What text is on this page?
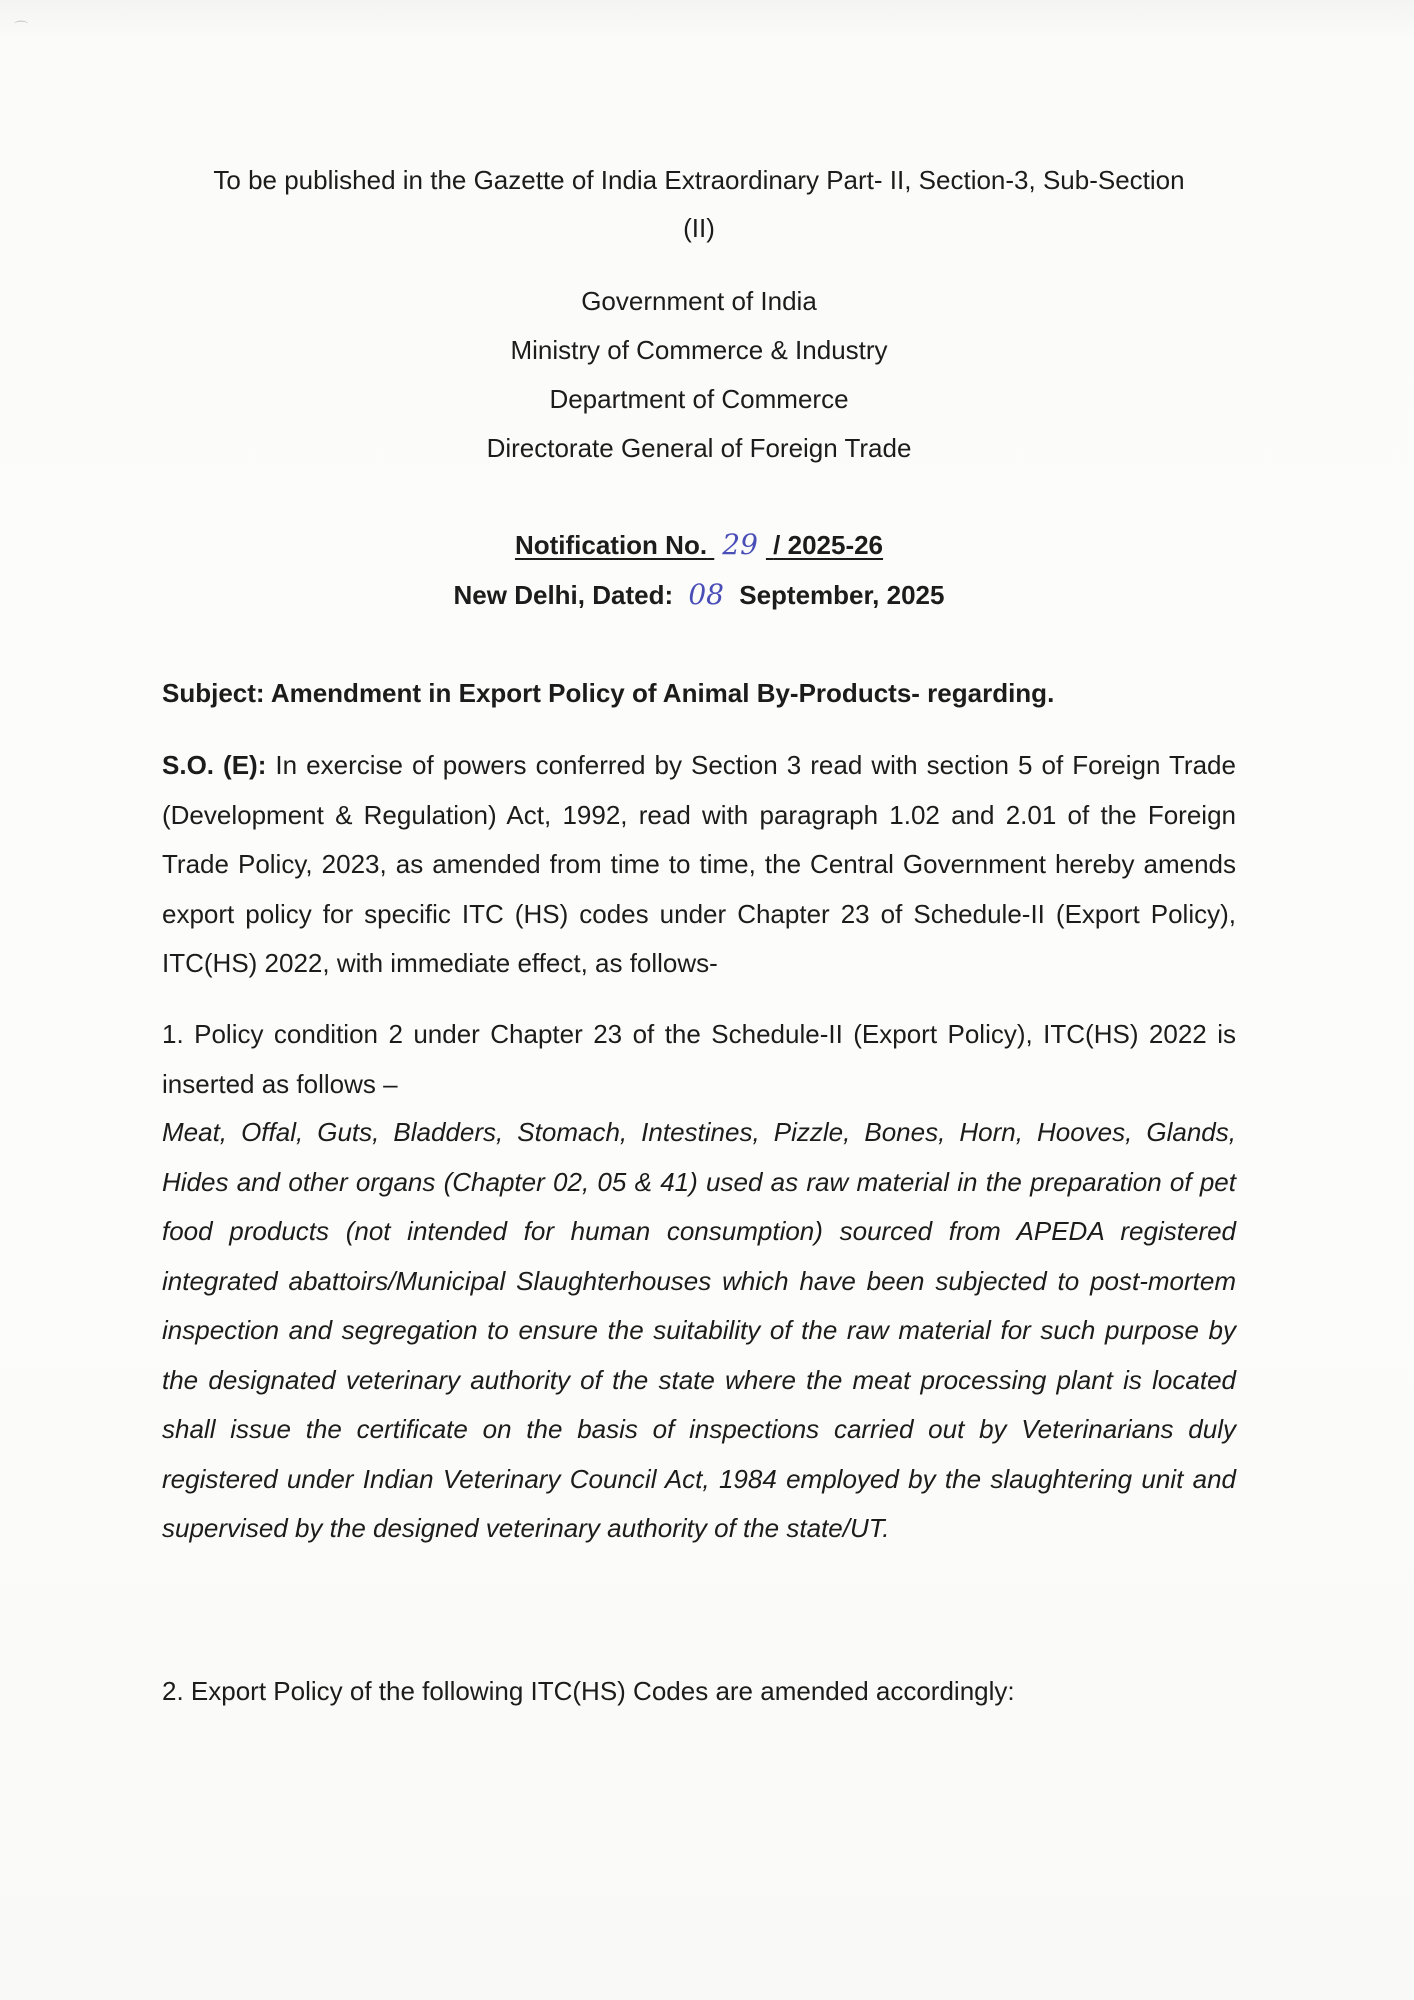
⌒
To be published in the Gazette of India Extraordinary Part- II, Section-3, Sub-Section
(II)
Government of India
Ministry of Commerce & Industry
Department of Commerce
Directorate General of Foreign Trade
Notification No. 29 / 2025-26
New Delhi, Dated: 08 September, 2025
Subject: Amendment in Export Policy of Animal By-Products- regarding.
S.O. (E): In exercise of powers conferred by Section 3 read with section 5 of Foreign Trade (Development & Regulation) Act, 1992, read with paragraph 1.02 and 2.01 of the Foreign Trade Policy, 2023, as amended from time to time, the Central Government hereby amends export policy for specific ITC (HS) codes under Chapter 23 of Schedule-II (Export Policy), ITC(HS) 2022, with immediate effect, as follows-
1. Policy condition 2 under Chapter 23 of the Schedule-II (Export Policy), ITC(HS) 2022 is inserted as follows –
Meat, Offal, Guts, Bladders, Stomach, Intestines, Pizzle, Bones, Horn, Hooves, Glands, Hides and other organs (Chapter 02, 05 & 41) used as raw material in the preparation of pet food products (not intended for human consumption) sourced from APEDA registered integrated abattoirs/Municipal Slaughterhouses which have been subjected to post-mortem inspection and segregation to ensure the suitability of the raw material for such purpose by the designated veterinary authority of the state where the meat processing plant is located shall issue the certificate on the basis of inspections carried out by Veterinarians duly registered under Indian Veterinary Council Act, 1984 employed by the slaughtering unit and supervised by the designed veterinary authority of the state/UT.
2. Export Policy of the following ITC(HS) Codes are amended accordingly:
